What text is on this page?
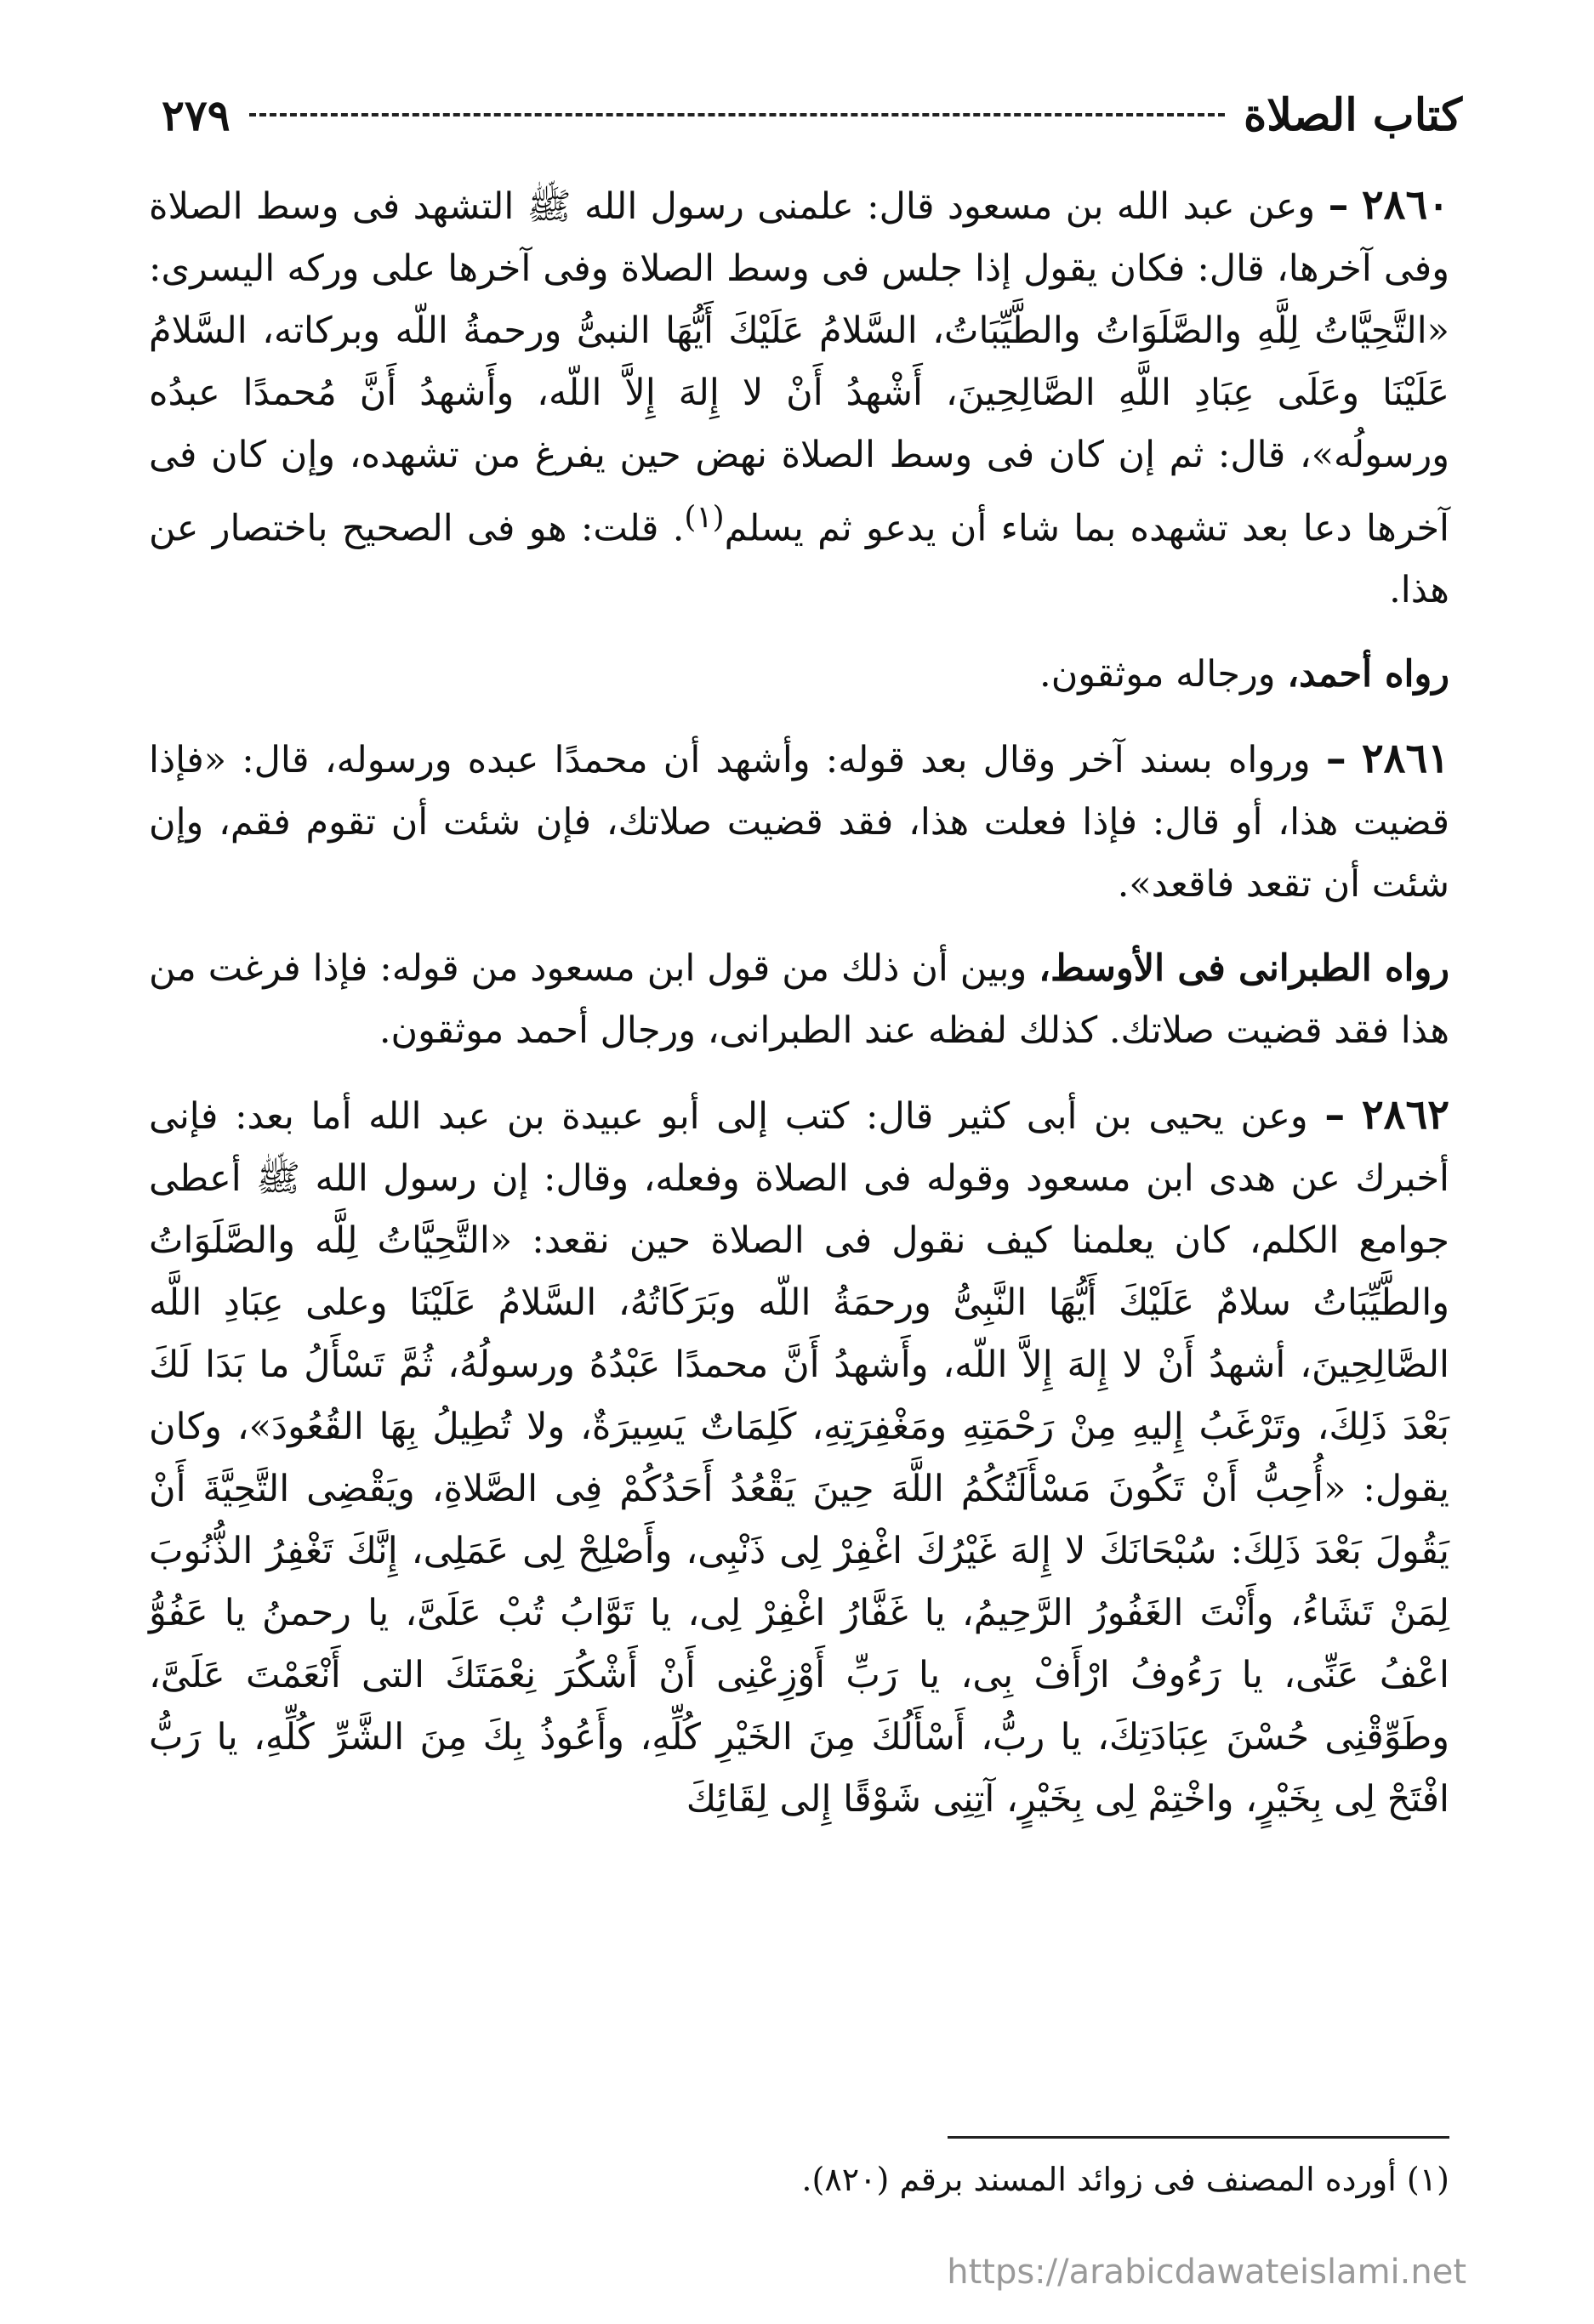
كتاب الصلاة
٢٧٩

٢٨٦٠ – وعن عبد الله بن مسعود قال: علمنى رسول الله ﷺ التشهد فى وسط الصلاة وفى آخرها، قال: فكان يقول إذا جلس فى وسط الصلاة وفى آخرها على وركه اليسرى: «التَّحِيَّاتُ لِلَّهِ والصَّلَوَاتُ والطَّيِّبَاتُ، السَّلامُ عَلَيْكَ أَيُّهَا النبىُّ ورحمةُ اللّه وبركاته، السَّلامُ عَلَيْنَا وعَلَى عِبَادِ اللَّهِ الصَّالِحِينَ، أَشْهدُ أَنْ لا إِلهَ إِلاَّ اللّه، وأَشهدُ أَنَّ مُحمدًا عبدُه ورسولُه»، قال: ثم إن كان فى وسط الصلاة نهض حين يفرغ من تشهده، وإن كان فى آخرها دعا بعد تشهده بما شاء أن يدعو ثم يسلم$^{(١)}$. قلت: هو فى الصحيح باختصار عن هذا.

رواه أحمد، ورجاله موثقون.

٢٨٦١ – ورواه بسند آخر وقال بعد قوله: وأشهد أن محمدًا عبده ورسوله، قال: «فإذا قضيت هذا، أو قال: فإذا فعلت هذا، فقد قضيت صلاتك، فإن شئت أن تقوم فقم، وإن شئت أن تقعد فاقعد».

رواه الطبرانى فى الأوسط، وبين أن ذلك من قول ابن مسعود من قوله: فإذا فرغت من هذا فقد قضيت صلاتك. كذلك لفظه عند الطبرانى، ورجال أحمد موثقون.

٢٨٦٢ – وعن يحيى بن أبى كثير قال: كتب إلى أبو عبيدة بن عبد الله أما بعد: فإنى أخبرك عن هدى ابن مسعود وقوله فى الصلاة وفعله، وقال: إن رسول الله ﷺ أعطى جوامع الكلم، كان يعلمنا كيف نقول فى الصلاة حين نقعد: «التَّحِيَّاتُ لِلَّه والصَّلَوَاتُ والطَّيِّبَاتُ سلامٌ عَلَيْكَ أَيُّهَا النَّبِىُّ ورحمَةُ اللّه وبَرَكَاتُهُ، السَّلامُ عَلَيْنَا وعلى عِبَادِ اللَّه الصَّالِحِينَ، أشهدُ أَنْ لا إِلهَ إِلاَّ اللّه، وأَشهدُ أَنَّ محمدًا عَبْدُهُ ورسولُهُ، ثُمَّ تَسْأَلُ ما بَدَا لَكَ بَعْدَ ذَلِكَ، وتَرْغَبُ إِليهِ مِنْ رَحْمَتِهِ ومَغْفِرَتِهِ، كَلِمَاتٌ يَسِيرَةٌ، ولا تُطِيلُ بِهَا القُعُودَ»، وكان يقول: «أُحِبُّ أَنْ تَكُونَ مَسْأَلَتُكُمُ اللَّهَ حِينَ يَقْعُدُ أَحَدُكُمْ فِى الصَّلاةِ، ويَقْضِى التَّحِيَّةَ أَنْ يَقُولَ بَعْدَ ذَلِكَ: سُبْحَانَكَ لا إِلهَ غَيْرُكَ اغْفِرْ لِى ذَنْبِى، وأَصْلِحْ لِى عَمَلِى، إِنَّكَ تَغْفِرُ الذُّنُوبَ لِمَنْ تَشَاءُ، وأَنْتَ الغَفُورُ الرَّحِيمُ، يا غَفَّارُ اغْفِرْ لِى، يا تَوَّابُ تُبْ عَلَىَّ، يا رحمنُ يا عَفُوُّ اعْفُ عَنِّى، يا رَءُوفُ ارْأَفْ بِى، يا رَبِّ أَوْزِعْنِى أَنْ أَشْكُرَ نِعْمَتَكَ التى أَنْعَمْتَ عَلَىَّ، وطَوِّقْنِى حُسْنَ عِبَادَتِكَ، يا ربُّ، أَسْأَلُكَ مِنَ الخَيْرِ كُلِّهِ، وأَعُوذُ بِكَ مِنَ الشَّرِّ كُلِّهِ، يا رَبُّ افْتَحْ لِى بِخَيْرٍ، واخْتِمْ لِى بِخَيْرٍ، آتِنِى شَوْقًا إِلى لِقَائِكَ

(١) أورده المصنف فى زوائد المسند برقم (٨٢٠).
https://arabicdawateislami.net
